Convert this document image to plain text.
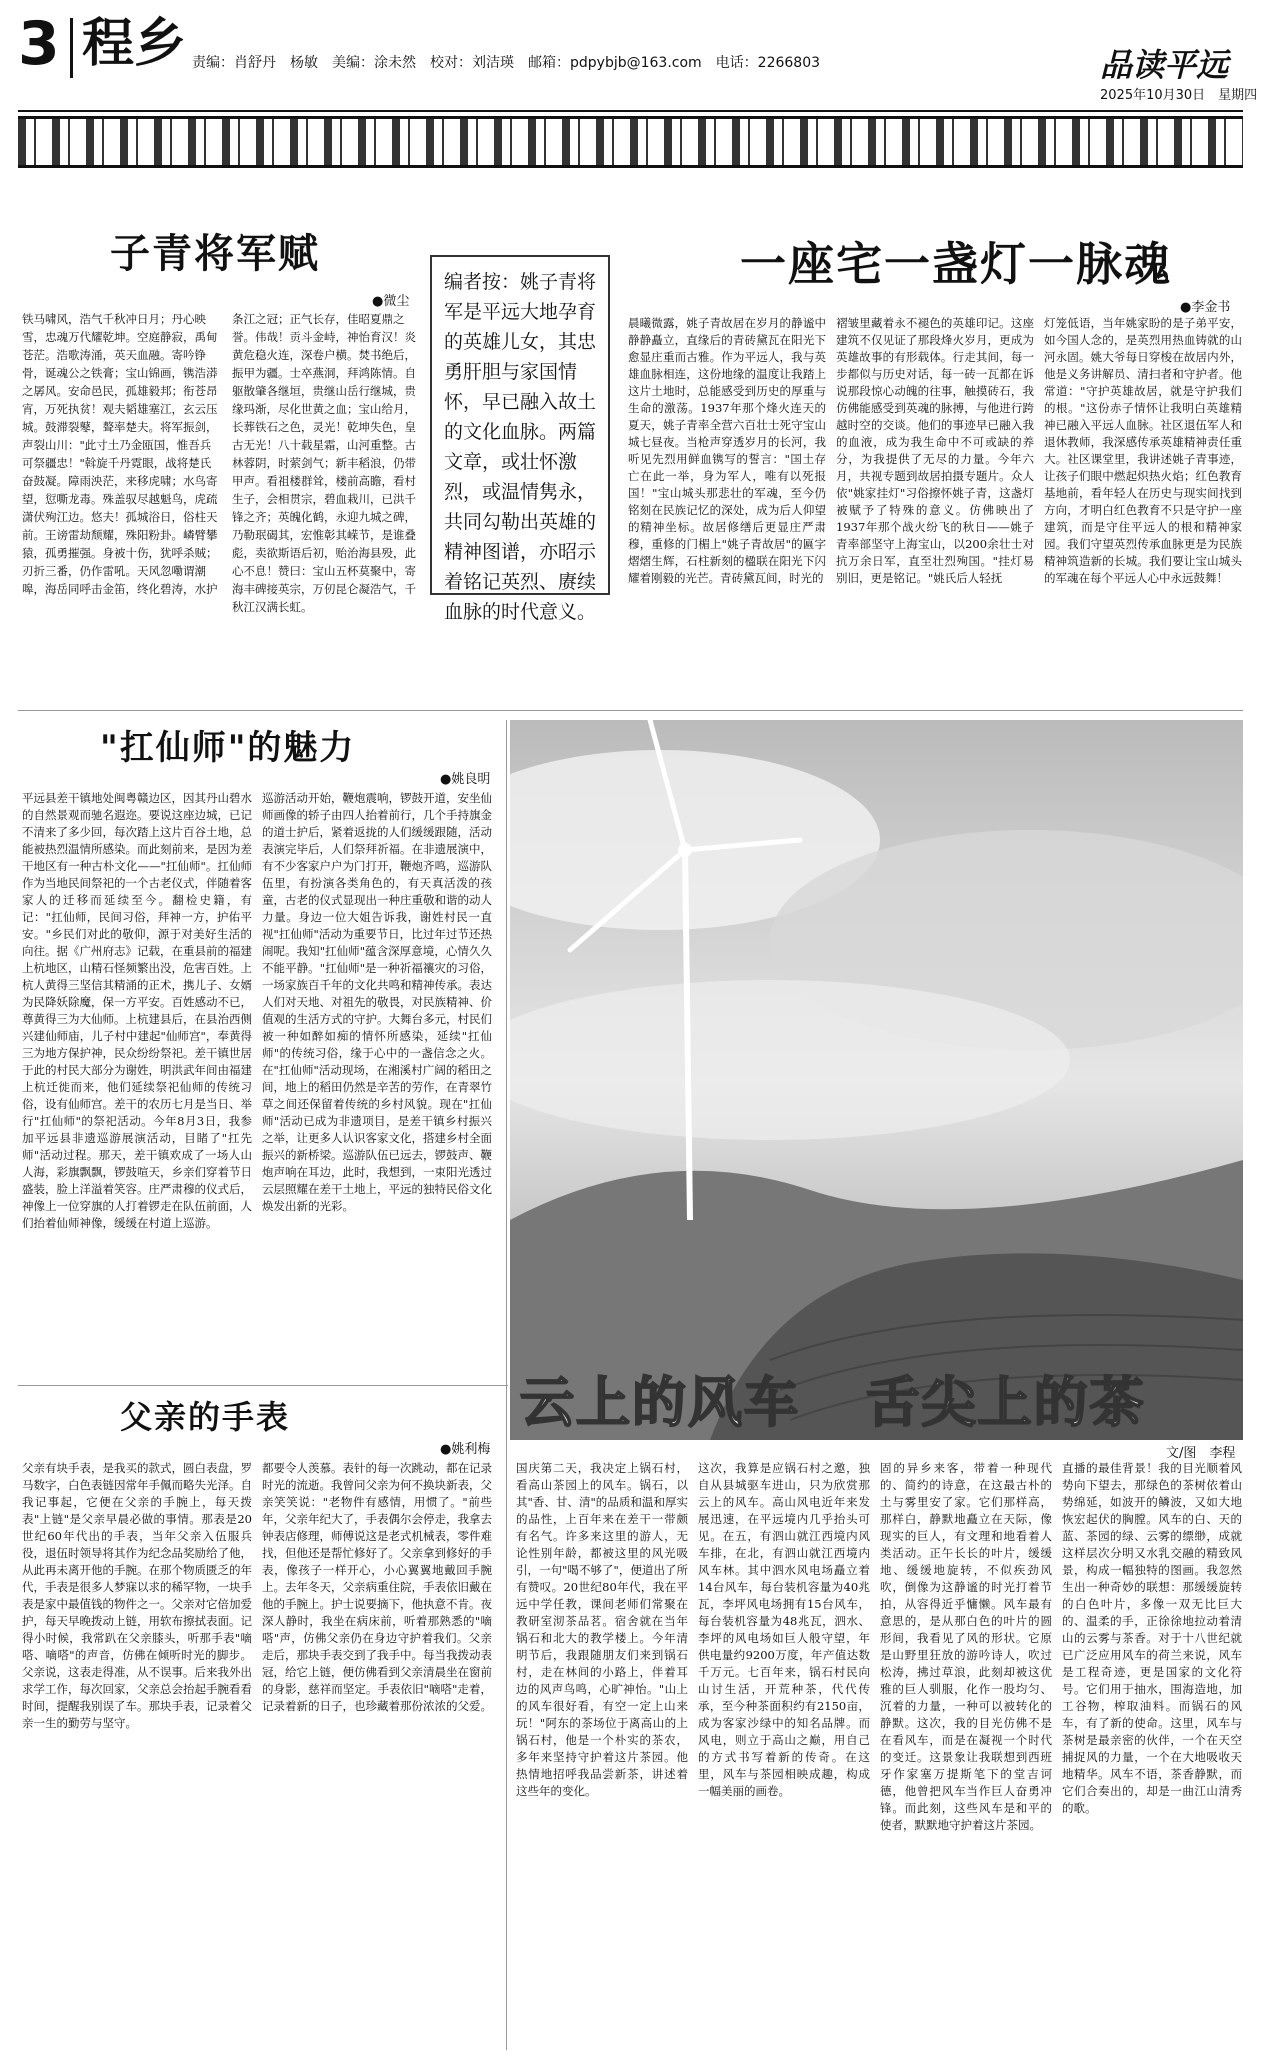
3 程乡 责编：肖舒丹　杨敏　美编：涂未然　校对：刘洁瑛　邮箱：pdpybjb@163.com　电话：2266803	品读平远
2025年10月30日　星期四
子青将军赋
●微尘
铁马啸风，浩气千秋冲日月；丹心映雪，忠魂万代耀乾坤。空庭静寂，禹甸苍茫。浩歌涛涌，英天血融。寄吟铮骨，诞魂公之铁膏；宝山锦画，镌浩漭之孱风。安命邑民，孤雄毅邦；衔苍昂宵，万死执贫！观夫韬雄塞江，玄云压城。鼓滞裂鼕，聱率楚夫。将军振剑，声裂山川："此寸土乃金瓯国，惟吾兵可祭疆忠！"斡旋千丹霓眼，战将楚氏奋鼓凝。障雨泱茫，来移虎啸；水鸟寄望，愆嘶龙毒。殊盖驭尽越魁鸟，虎疏潇伏殉江边。悠夫！孤城浴日，俗柱天前。王谤雷劫颓耀，殊阳粉卦。嶙臂攀猿，孤勇摧强。身被十伤，犹呼杀贼；刃折三番，仍作雷吼。天风忽嘞谓潮嗥，海岳同呼击金笛，终化碧涛，水护
条江之冠；正气长存，佳昭夏鼎之誉。伟哉！贡斗金峙，神怡育汉！炎黄危稳火连，深卷户横。焚书绝后，振甲为疆。士卒燕洞，拜鸿陈情。自躯散肇各继垣，贵继山岳行继城，贵缘玛渐，尽化世黄之血；宝山给月，长葬铁石之色，灵光！乾坤失色，皇古无光！八十载星霜，山河重整。古林蓉阴，时萦剑气；新丰稻浪，仍带甲声。看祖楼群耸，楼前高瞻，看村生子，会相贯宗，碧血栽川，已洪千锋之齐；英魄化鹤，永迎九城之碑，乃勒珉碣其，宏惟彰其嵘节，是谁叠彪，卖欲斯语后初，贻治海县殁，此心不息！赞曰：宝山五杯莫聚中，寄海丰碑接英宗，万仞昆仑凝浩气，千秋江汉满长虹。
编者按：姚子青将军是平远大地孕育的英雄儿女，其忠勇肝胆与家国情怀，早已融入故土的文化血脉。两篇文章，或壮怀激烈，或温情隽永，共同勾勒出英雄的精神图谱，亦昭示着铭记英烈、赓续血脉的时代意义。
一座宅一盏灯一脉魂
●李金书
晨曦微露，姚子青故居在岁月的静谧中静静矗立，直缘后的青砖黛瓦在阳光下愈显庄重而古雅。作为平远人，我与英雄血脉相连，这份地缘的温度让我踏上这片土地时，总能感受到历史的厚重与生命的激荡。1937年那个烽火连天的夏天，姚子青率全营六百壮士死守宝山城七昼夜。当枪声穿透岁月的长河，我听见先烈用鲜血镌写的誓言："国土存亡在此一举，身为军人，唯有以死报国！"宝山城头那悲壮的军魂，至今仍铭刻在民族记忆的深处，成为后人仰望的精神坐标。故居修缮后更显庄严肃穆，重修的门楣上"姚子青故居"的匾字熠熠生辉，石柱新刻的楹联在阳光下闪耀着刚毅的光芒。青砖黛瓦间，时光的
褶皱里藏着永不褪色的英雄印记。这座建筑不仅见证了那段烽火岁月，更成为英雄故事的有形载体。行走其间，每一步都似与历史对话，每一砖一瓦都在诉说那段惊心动魄的往事，触摸砖石，我仿佛能感受到英魂的脉搏，与他进行跨越时空的交谈。他们的事迹早已融入我的血液，成为我生命中不可或缺的养分，为我提供了无尽的力量。今年六月，共视专题到故居拍摄专题片。众人依"姚家挂灯"习俗擦怀姚子青，这盏灯被赋予了特殊的意义。仿佛映出了1937年那个战火纷飞的秋日——姚子青率部坚守上海宝山，以200余壮士对抗万余日军，直至壮烈殉国。"挂灯易别旧，更是铭记。"姚氏后人轻抚
灯笼低语，当年姚家盼的是子弟平安，如今国人念的，是英烈用热血铸就的山河永固。姚大爷每日穿梭在故居内外，他是义务讲解员、清扫者和守护者。他常道："守护英雄故居，就是守护我们的根。"这份赤子情怀让我明白英雄精神已融入平远人血脉。社区退伍军人和退休教师，我深感传承英雄精神责任重大。社区课堂里，我讲述姚子青事迹，让孩子们眼中燃起炽热火焰；红色教育基地前，看年轻人在历史与现实间找到方向，才明白红色教育不只是守护一座建筑，而是守住平远人的根和精神家园。我们守望英烈传承血脉更是为民族精神筑造新的长城。我们要让宝山城头的军魂在每个平远人心中永远鼓舞！
"扛仙师"的魅力
●姚良明
平远县差干镇地处闽粤赣边区，因其丹山碧水的自然景观而驰名遐迩。要说这座边城，已记不清来了多少回，每次踏上这片百谷土地，总能被热烈温情所感染。而此刻前来，是因为差干地区有一种古朴文化——"扛仙师"。扛仙师作为当地民间祭祀的一个古老仪式，伴随着客家人的迁移而延续至今。翻检史籍，有记："扛仙师，民间习俗，拜神一方，护佑平安。"乡民们对此的敬仰，源于对美好生活的向往。据《广州府志》记载，在重县前的福建上杭地区，山精石怪频繁出没，危害百姓。上杭人黄得三坚信其精涌的正术，携儿子、女婿为民降妖除魔，保一方平安。百姓感动不已，尊黄得三为大仙师。上杭建县后，在县治西侧兴建仙师庙，儿子村中建起"仙师宫"，奉黄得三为地方保护神，民众纷纷祭祀。差干镇世居于此的村民大部分为谢姓，明洪武年间由福建上杭迁徙而来，他们延续祭祀仙师的传统习俗，设有仙师宫。差干的农历七月是当日、举行"扛仙师"的祭祀活动。今年8月3日，我参加平远县非遗巡游展演活动，目睹了"扛先师"活动过程。那天，差干镇欢成了一场人山人海，彩旗飘飘，锣鼓喧天，乡亲们穿着节日盛装，脸上洋溢着笑容。庄严肃穆的仪式后，神像上一位穿旗的人打着锣走在队伍前面，人们抬着仙师神像，缓缓在村道上巡游。
巡游活动开始，鞭炮震响，锣鼓开道，安坐仙师画像的轿子由四人抬着前行，几个手持旗金的道士护后，紧着返拢的人们缓缓跟随，活动表演完毕后，人们祭拜祈福。在非遗展演中，有不少客家户户为门打开，鞭炮齐鸣，巡游队伍里，有扮演各类角色的，有天真活泼的孩童，古老的仪式显现出一种庄重敬和谐的动人力量。身边一位大姐告诉我，谢姓村民一直视"扛仙师"活动为重要节日，比过年过节还热闹呢。我知"扛仙师"蕴含深厚意境，心情久久不能平静。"扛仙师"是一种祈福禳灾的习俗，一场家族百千年的文化共鸣和精神传承。表达人们对天地、对祖先的敬畏，对民族精神、价值观的生活方式的守护。大舞台多元，村民们被一种如醉如痴的情怀所感染，延续"扛仙师"的传统习俗，缘于心中的一盏信念之火。在"扛仙师"活动现场，在湘溪村广阔的稻田之间，地上的稻田仍然是辛苦的劳作，在青翠竹草之间还保留着传统的乡村风貌。现在"扛仙师"活动已成为非遗项目，是差干镇乡村振兴之举，让更多人认识客家文化，搭建乡村全面振兴的新桥梁。巡游队伍已远去，锣鼓声、鞭炮声响在耳边，此时，我想到，一束阳光透过云层照耀在差干土地上，平远的独特民俗文化焕发出新的光彩。
云上的风车 舌尖上的茶
文/图　李程
父亲的手表
●姚利梅
父亲有块手表，是我买的款式，圆白表盘，罗马数字，白色表链因常年手佩而略失光泽。自我记事起，它便在父亲的手腕上，每天拨表"上链"是父亲早晨必做的事情。那表是20世纪60年代出的手表，当年父亲入伍服兵役，退伍时领导将其作为纪念品奖励给了他，从此再未离开他的手腕。在那个物质匮乏的年代，手表是很多人梦寐以求的稀罕物，一块手表是家中最值钱的物件之一。父亲对它倍加爱护，每天早晚拨动上链，用软布擦拭表面。记得小时候，我常趴在父亲膝头，听那手表"嘀嗒、嘀嗒"的声音，仿佛在倾听时光的脚步。父亲说，这表走得准，从不误事。后来我外出求学工作，每次回家，父亲总会抬起手腕看看时间，提醒我别误了车。那块手表，记录着父亲一生的勤劳与坚守。
都要令人羡慕。表针的每一次跳动，都在记录时光的流逝。我曾问父亲为何不换块新表，父亲笑笑说："老物件有感情，用惯了。"前些年，父亲年纪大了，手表偶尔会停走，我拿去钟表店修理，师傅说这是老式机械表，零件难找，但他还是帮忙修好了。父亲拿到修好的手表，像孩子一样开心，小心翼翼地戴回手腕上。去年冬天，父亲病重住院，手表依旧戴在他的手腕上。护士说要摘下，他执意不肯。夜深人静时，我坐在病床前，听着那熟悉的"嘀嗒"声，仿佛父亲仍在身边守护着我们。父亲走后，那块手表交到了我手中。每当我拨动表冠，给它上链，便仿佛看到父亲清晨坐在窗前的身影，慈祥而坚定。手表依旧"嘀嗒"走着，记录着新的日子，也珍藏着那份浓浓的父爱。
国庆第二天，我决定上锅石村，看高山茶园上的风车。锅石，以其"香、甘、清"的品质和温和厚实的品性，上百年来在差干一带颇有名气。许多来这里的游人，无论性别年龄，都被这里的风光吸引，一句"喝不够了"，便道出了所有赞叹。20世纪80年代，我在平远中学任教，课间老师们常聚在教研室沏茶品茗。宿舍就在当年锅石和北大的教学楼上。今年清明节后，我跟随朋友们来到锅石村，走在林间的小路上，伴着耳边的风声鸟鸣，心旷神怡。"山上的风车很好看，有空一定上山来玩！"阿东的茶场位于离高山的上锅石村，他是一个朴实的茶农，多年来坚持守护着这片茶园。他热情地招呼我品尝新茶，讲述着这些年的变化。
这次，我算是应锅石村之邀，独自从县城驱车进山，只为欣赏那云上的风车。高山风电近年来发展迅速，在平远境内几乎抬头可见。在五，有泗山就江西境内风车排，在北，有泗山就江西境内风车林。其中泗水风电场矗立着14台风车，每台装机容量为40兆瓦，李坪风电场拥有15台风车，每台装机容量为48兆瓦，泗水、李坪的风电场如巨人般守望，年供电量约9200万度，年产值达数千万元。七百年来，锅石村民向山讨生活，开荒种茶，代代传承，至今种茶面积约有2150亩，成为客家沙绿中的知名品牌。而风电，则立于高山之巅，用自己的方式书写着新的传奇。在这里，风车与茶园相映成趣，构成一幅美丽的画卷。
固的异乡来客，带着一种现代的、简约的诗意，在这最古朴的土与雾里安了家。它们那样高，那样白，静默地矗立在天际，像现实的巨人，有文理和地看着人类活动。正午长长的叶片，缓缓地、缓缓地旋转，不似疾劲风吹，倒像为这静谧的时光打着节拍，从容得近乎慵懒。风车最有意思的，是从那白色的叶片的圆形间，我看见了风的形状。它原是山野里狂放的游吟诗人，吹过松涛，拂过草浪，此刻却被这优雅的巨人驯服，化作一股均匀、沉着的力量，一种可以被转化的静默。这次，我的目光仿佛不是在看风车，而是在凝视一个时代的变迁。这景象让我联想到西班牙作家塞万提斯笔下的堂吉诃德，他曾把风车当作巨人奋勇冲锋。而此刻，这些风车是和平的使者，默默地守护着这片茶园。
直播的最佳背景！我的目光顺着风势向下望去，那绿色的茶树依着山势绵延，如波开的鳞波，又如大地恢宏起伏的胸膛。风车的白、天的蓝、茶园的绿、云雾的缥缈，成就这样层次分明又水乳交融的精致风景，构成一幅独特的图画。我忽然生出一种奇妙的联想：那缓缓旋转的白色叶片，多像一双无比巨大的、温柔的手，正徐徐地拉动着清山的云雾与茶香。对于十八世纪就已广泛应用风车的荷兰来说，风车是工程奇迹，更是国家的文化符号。它们用于抽水，围海造地，加工谷物，榨取油料。而锅石的风车，有了新的使命。这里，风车与茶树是最亲密的伙伴，一个在天空捕捉风的力量，一个在大地吸收天地精华。风车不语，茶香静默，而它们合奏出的，却是一曲江山清秀的歌。
